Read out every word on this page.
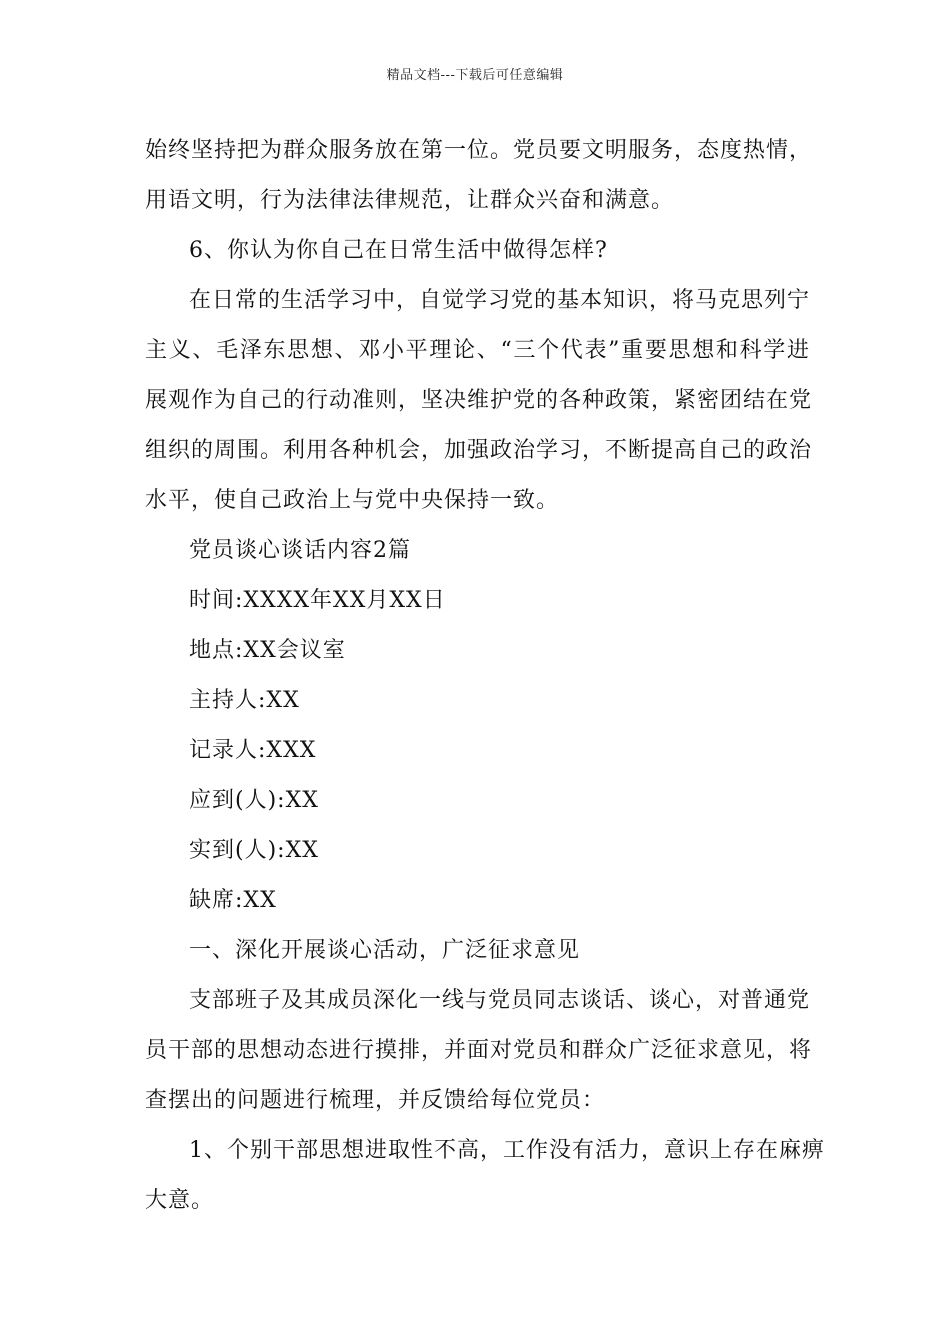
精品文档---下载后可任意编辑
始终坚持把为群众服务放在第一位。党员要文明服务，态度热情，
用语文明，行为法律法律规范，让群众兴奋和满意。
6、你认为你自己在日常生活中做得怎样?
在日常的生活学习中，自觉学习党的基本知识，将马克思列宁
主义、毛泽东思想、邓小平理论、“三个代表”重要思想和科学进
展观作为自己的行动准则，坚决维护党的各种政策，紧密团结在党
组织的周围。利用各种机会，加强政治学习，不断提高自己的政治
水平，使自己政治上与党中央保持一致。
党员谈心谈话内容2篇
时间:XXXX年XX月XX日
地点:XX会议室
主持人:XX
记录人:XXX
应到(人):XX
实到(人):XX
缺席:XX
一、深化开展谈心活动，广泛征求意见
支部班子及其成员深化一线与党员同志谈话、谈心，对普通党
员干部的思想动态进行摸排，并面对党员和群众广泛征求意见，将
查摆出的问题进行梳理，并反馈给每位党员：
1、个别干部思想进取性不高，工作没有活力，意识上存在麻痹
大意。
